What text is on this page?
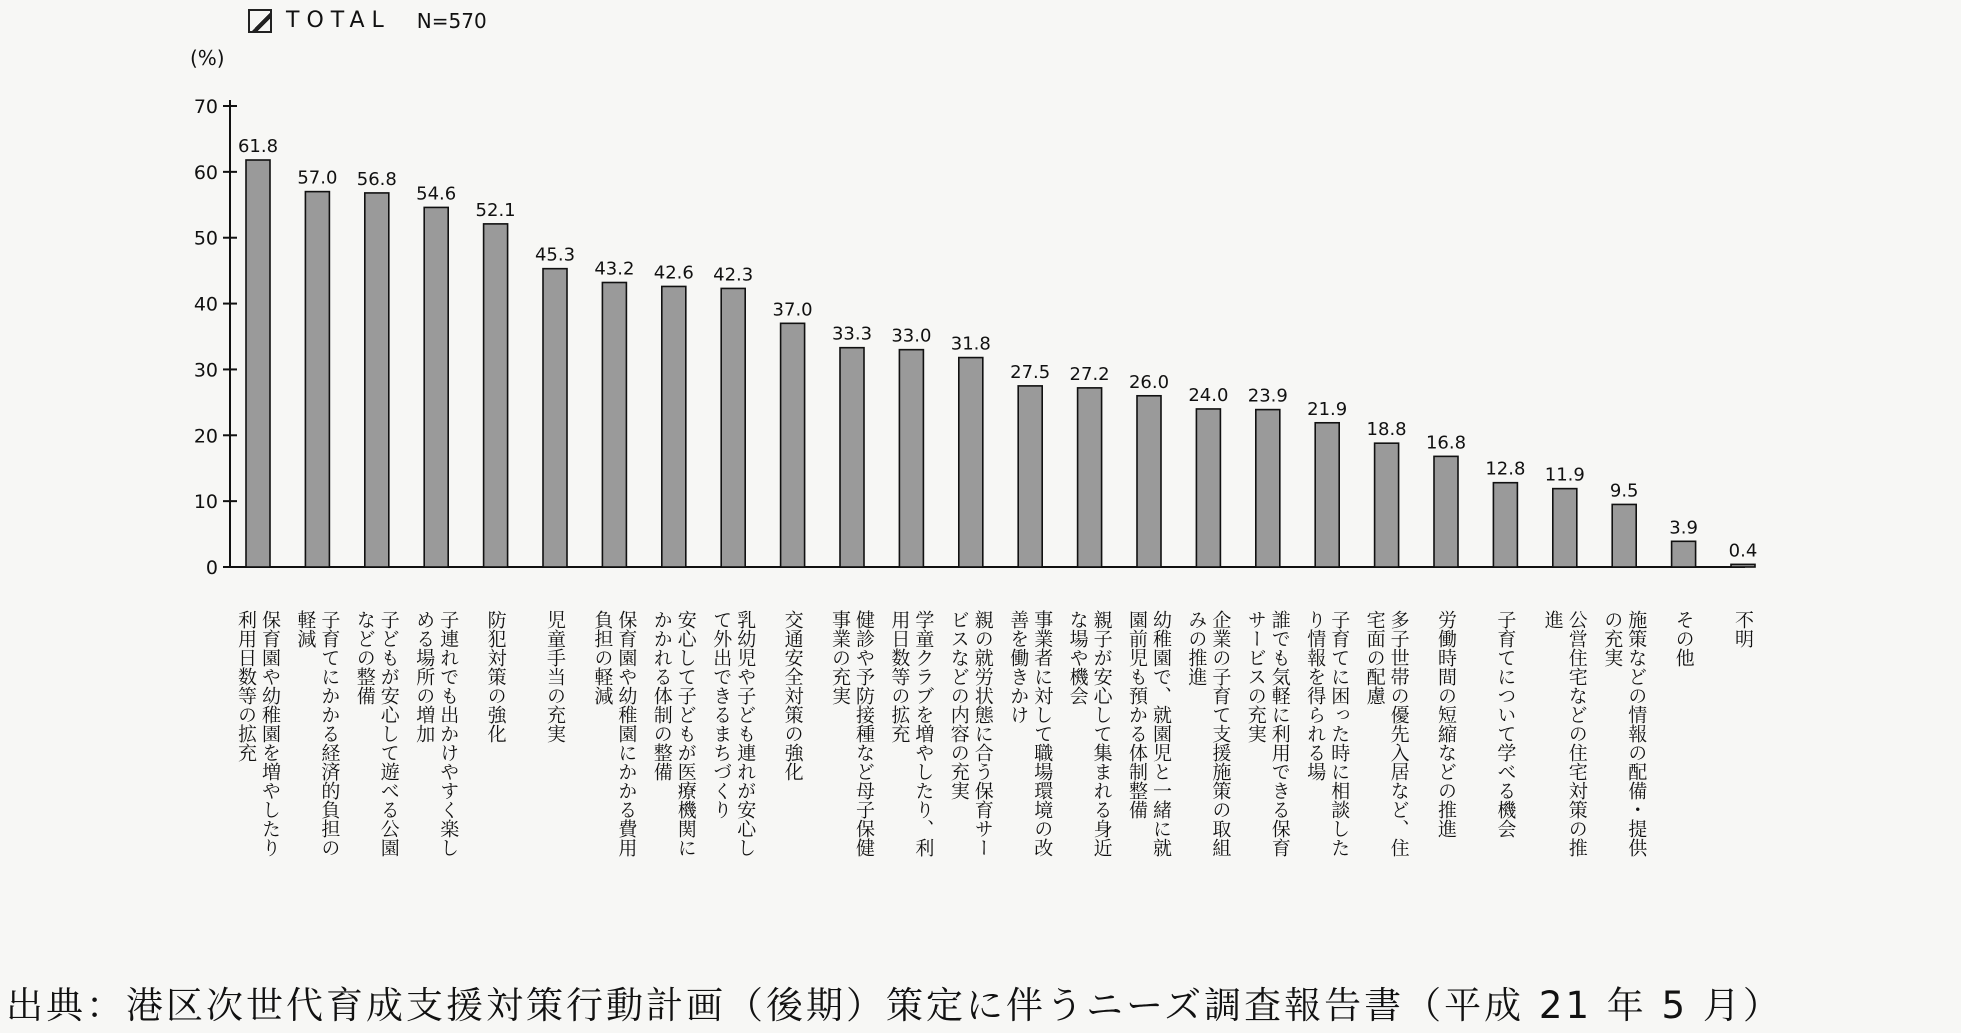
TOTAL N=570
(%)
0
10
20
30
40
50
60
70
61.8
57.0 56.8
54.6
52.1
45.3
43.2 42.6 42.3
37.0
33.3 33.0 31.8
27.5 27.2 26.0
24.0 23.9
21.9
18.8
16.8
12.8 11.9
9.5
3.9
0.4
保育園や幼稚園を増やしたり
利用日数等の拡充	子育てにかかる経済的負担の
軽減	子どもが安心して遊べる公園
などの整備	子連れでも出かけやすく楽し
める場所の増加	防犯対策の強化 児童手当の充実	保育園や幼稚園にかかる費用
負担の軽減	安心して子どもが医療機関に
かかれる体制の整備	乳幼児や子ども連れが安心し
て外出できるまちづくり	交通安全対策の強化	健診や予防接種など母子保健
事業の充実	学童クラブを増やしたり、利
用日数等の拡充	親の就労状態に合う保育サー
ビスなどの内容の充実	事業者に対して職場環境の改
善を働きかけ	親子が安心して集まれる身近
な場や機会	幼稚園で、就園児と一緒に就
園前児も預かる体制整備	企業の子育て支援施策の取組
みの推進	誰でも気軽に利用できる保育
サービスの充実	子育てに困った時に相談した
り情報を得られる場	多子世帯の優先入居など、住
宅面の配慮	労働時間の短縮などの推進 子育てについて学べる機会	公営住宅などの住宅対策の推
進	施策などの情報の配備・提供
の充実	その他 不明
出典：港区次世代育成支援対策行動計画（後期）策定に伴うニーズ調査報告書（平成 21 年 5 月）
